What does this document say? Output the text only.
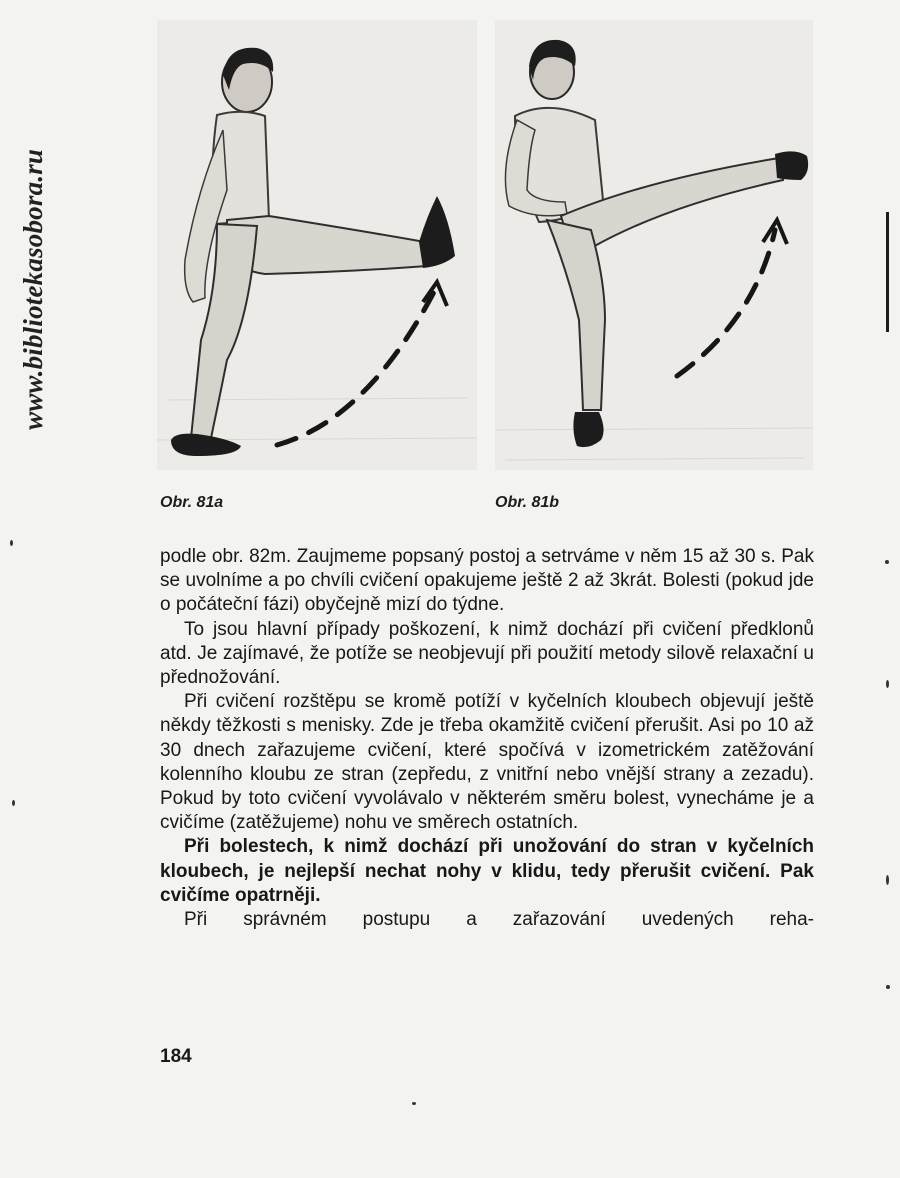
www.bibliotekasobora.ru
Obr. 81a	Obr. 81b

podle obr. 82m. Zaujmeme popsaný postoj a setrváme v něm 15 až 30 s. Pak se uvolníme a po chvíli cvičení opakujeme ještě 2 až 3krát. Bolesti (pokud jde o počáteční fázi) obyčejně mizí do týdne.

To jsou hlavní případy poškození, k nimž dochází při cvičení předklonů atd. Je zajímavé, že potíže se neobjevují při použití metody silově relaxační u přednožování.

Při cvičení rozštěpu se kromě potíží v kyčelních kloubech objevují ještě někdy těžkosti s menisky. Zde je třeba okamžitě cvičení přerušit. Asi po 10 až 30 dnech zařazujeme cvičení, které spočívá v izometrickém zatěžování kolenního kloubu ze stran (zepředu, z vnitřní nebo vnější strany a zezadu). Pokud by toto cvičení vyvolávalo v některém směru bolest, vynecháme je a cvičíme (zatěžujeme) nohu ve směrech ostatních.

Při bolestech, k nimž dochází při unožování do stran v kyčelních kloubech, je nejlepší nechat nohy v klidu, tedy přerušit cvičení. Pak cvičíme opatrněji.

Při správném postupu a zařazování uvedených reha-

184
